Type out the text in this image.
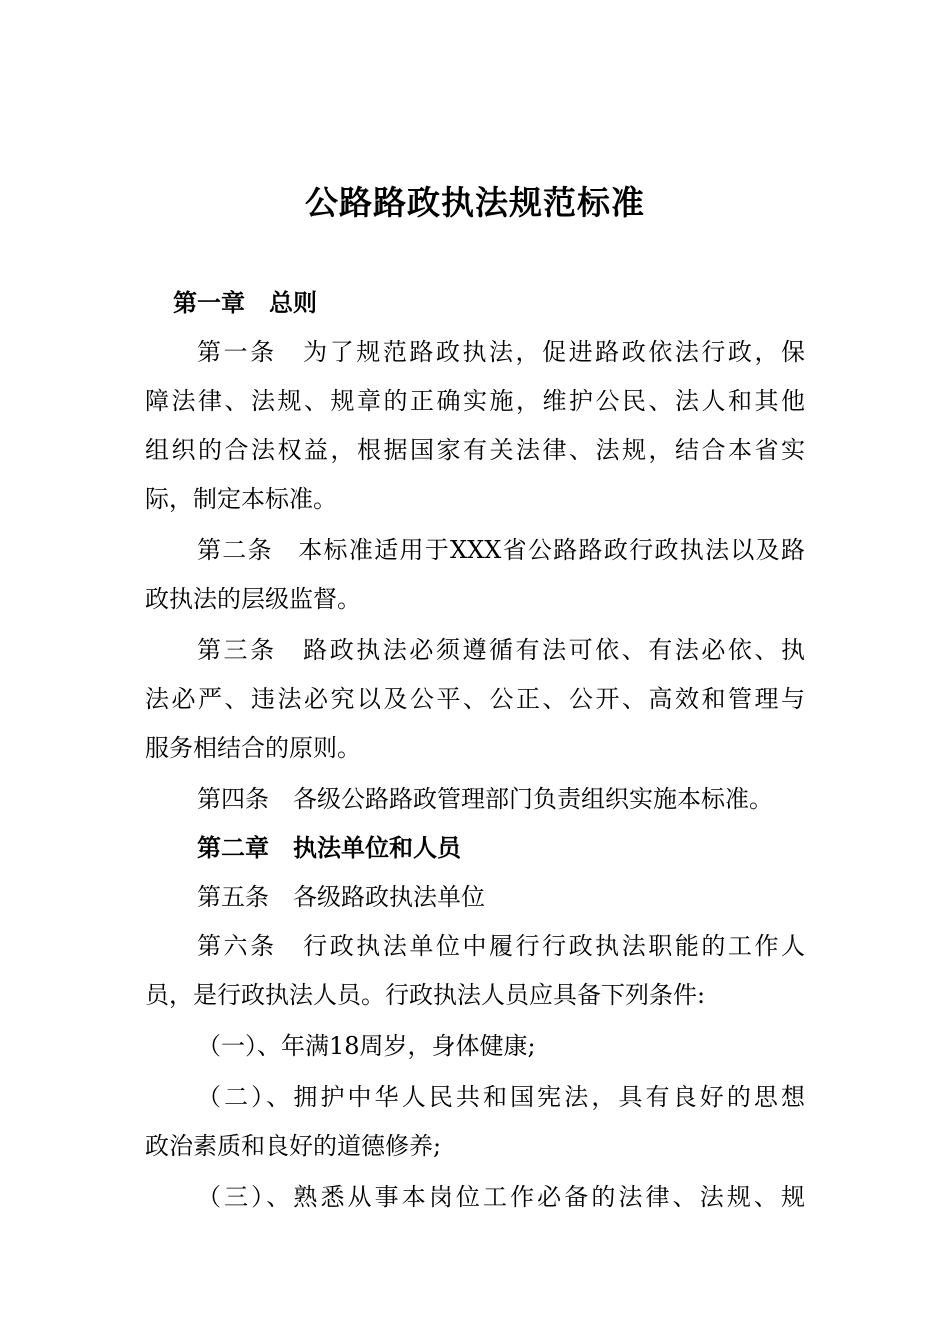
公路路政执法规范标准
第一章　总则
第一条　为了规范路政执法，促进路政依法行政，保
障法律、法规、规章的正确实施，维护公民、法人和其他
组织的合法权益，根据国家有关法律、法规，结合本省实
际，制定本标准。
第二条　本标准适用于XXX省公路路政行政执法以及路
政执法的层级监督。
第三条　路政执法必须遵循有法可依、有法必依、执
法必严、违法必究以及公平、公正、公开、高效和管理与
服务相结合的原则。
第四条　各级公路路政管理部门负责组织实施本标准。
第二章　执法单位和人员
第五条　各级路政执法单位
第六条　行政执法单位中履行行政执法职能的工作人
员，是行政执法人员。行政执法人员应具备下列条件:
（一）、年满18周岁，身体健康;
（二）、拥护中华人民共和国宪法，具有良好的思想
政治素质和良好的道德修养;
（三）、熟悉从事本岗位工作必备的法律、法规、规
